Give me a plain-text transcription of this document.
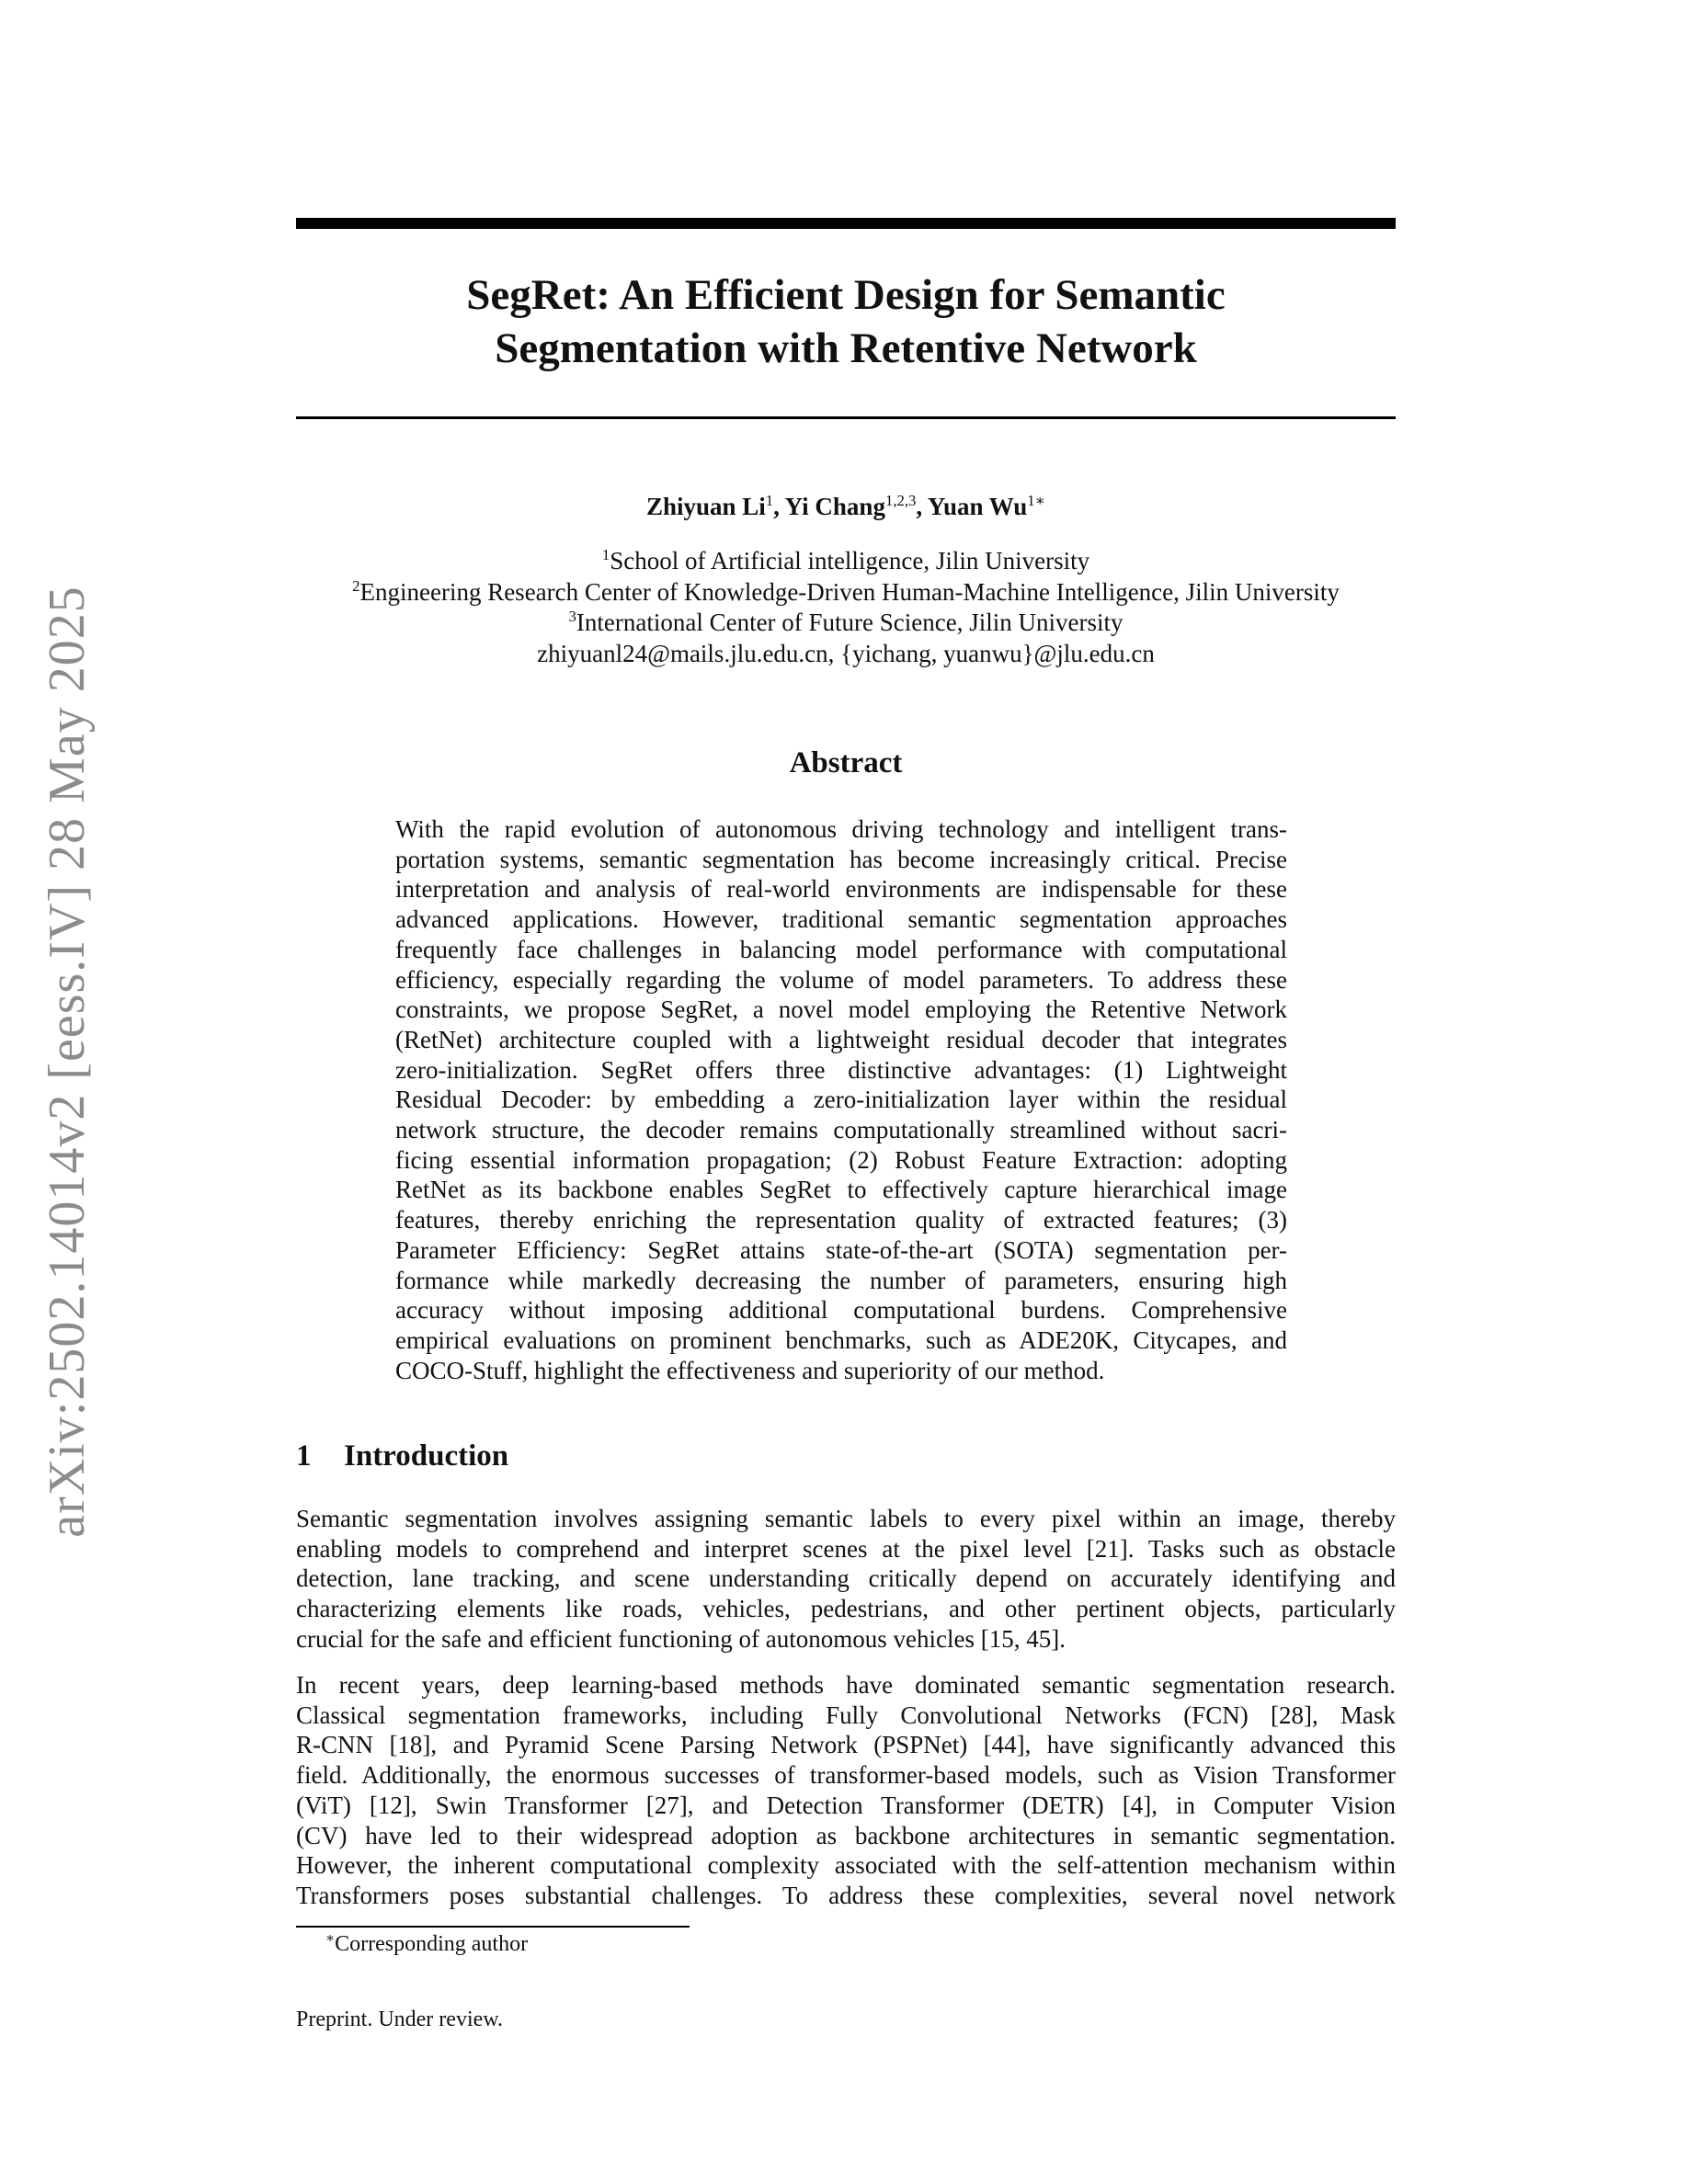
arXiv:2502.14014v2 [eess.IV] 28 May 2025
SegRet: An Efficient Design for Semantic
Segmentation with Retentive Network
Zhiyuan Li$^1$, Yi Chang$^{1,2,3}$, Yuan $Wu^{1∗}$
$^1$School of Artificial intelligence, Jilin University
$^2$Engineering Research Center of Knowledge-Driven Human-Machine Intelligence, Jilin University
$^3$International Center of Future Science, Jilin University
zhiyuanl24@mails.jlu.edu.cn, {yichang, yuanwu}@jlu.edu.cn
Abstract
With the rapid evolution of autonomous driving technology and intelligent trans-
portation systems, semantic segmentation has become increasingly critical. Precise
interpretation and analysis of real-world environments are indispensable for these
advanced applications. However, traditional semantic segmentation approaches
frequently face challenges in balancing model performance with computational
efficiency, especially regarding the volume of model parameters. To address these
constraints, we propose SegRet, a novel model employing the Retentive Network
(RetNet) architecture coupled with a lightweight residual decoder that integrates
zero-initialization. SegRet offers three distinctive advantages: (1) Lightweight
Residual Decoder: by embedding a zero-initialization layer within the residual
network structure, the decoder remains computationally streamlined without sacri-
ficing essential information propagation; (2) Robust Feature Extraction: adopting
RetNet as its backbone enables SegRet to effectively capture hierarchical image
features, thereby enriching the representation quality of extracted features; (3)
Parameter Efficiency: SegRet attains state-of-the-art (SOTA) segmentation per-
formance while markedly decreasing the number of parameters, ensuring high
accuracy without imposing additional computational burdens. Comprehensive
empirical evaluations on prominent benchmarks, such as ADE20K, Citycapes, and
COCO-Stuff, highlight the effectiveness and superiority of our method.
1 Introduction
Semantic segmentation involves assigning semantic labels to every pixel within an image, thereby
enabling models to comprehend and interpret scenes at the pixel level [21]. Tasks such as obstacle
detection, lane tracking, and scene understanding critically depend on accurately identifying and
characterizing elements like roads, vehicles, pedestrians, and other pertinent objects, particularly
crucial for the safe and efficient functioning of autonomous vehicles [15, 45].
In recent years, deep learning-based methods have dominated semantic segmentation research.
Classical segmentation frameworks, including Fully Convolutional Networks (FCN) [28], Mask
R-CNN [18], and Pyramid Scene Parsing Network (PSPNet) [44], have significantly advanced this
field. Additionally, the enormous successes of transformer-based models, such as Vision Transformer
(ViT) [12], Swin Transformer [27], and Detection Transformer (DETR) [4], in Computer Vision
(CV) have led to their widespread adoption as backbone architectures in semantic segmentation.
However, the inherent computational complexity associated with the self-attention mechanism within
Transformers poses substantial challenges. To address these complexities, several novel network
∗Corresponding author
Preprint. Under review.
